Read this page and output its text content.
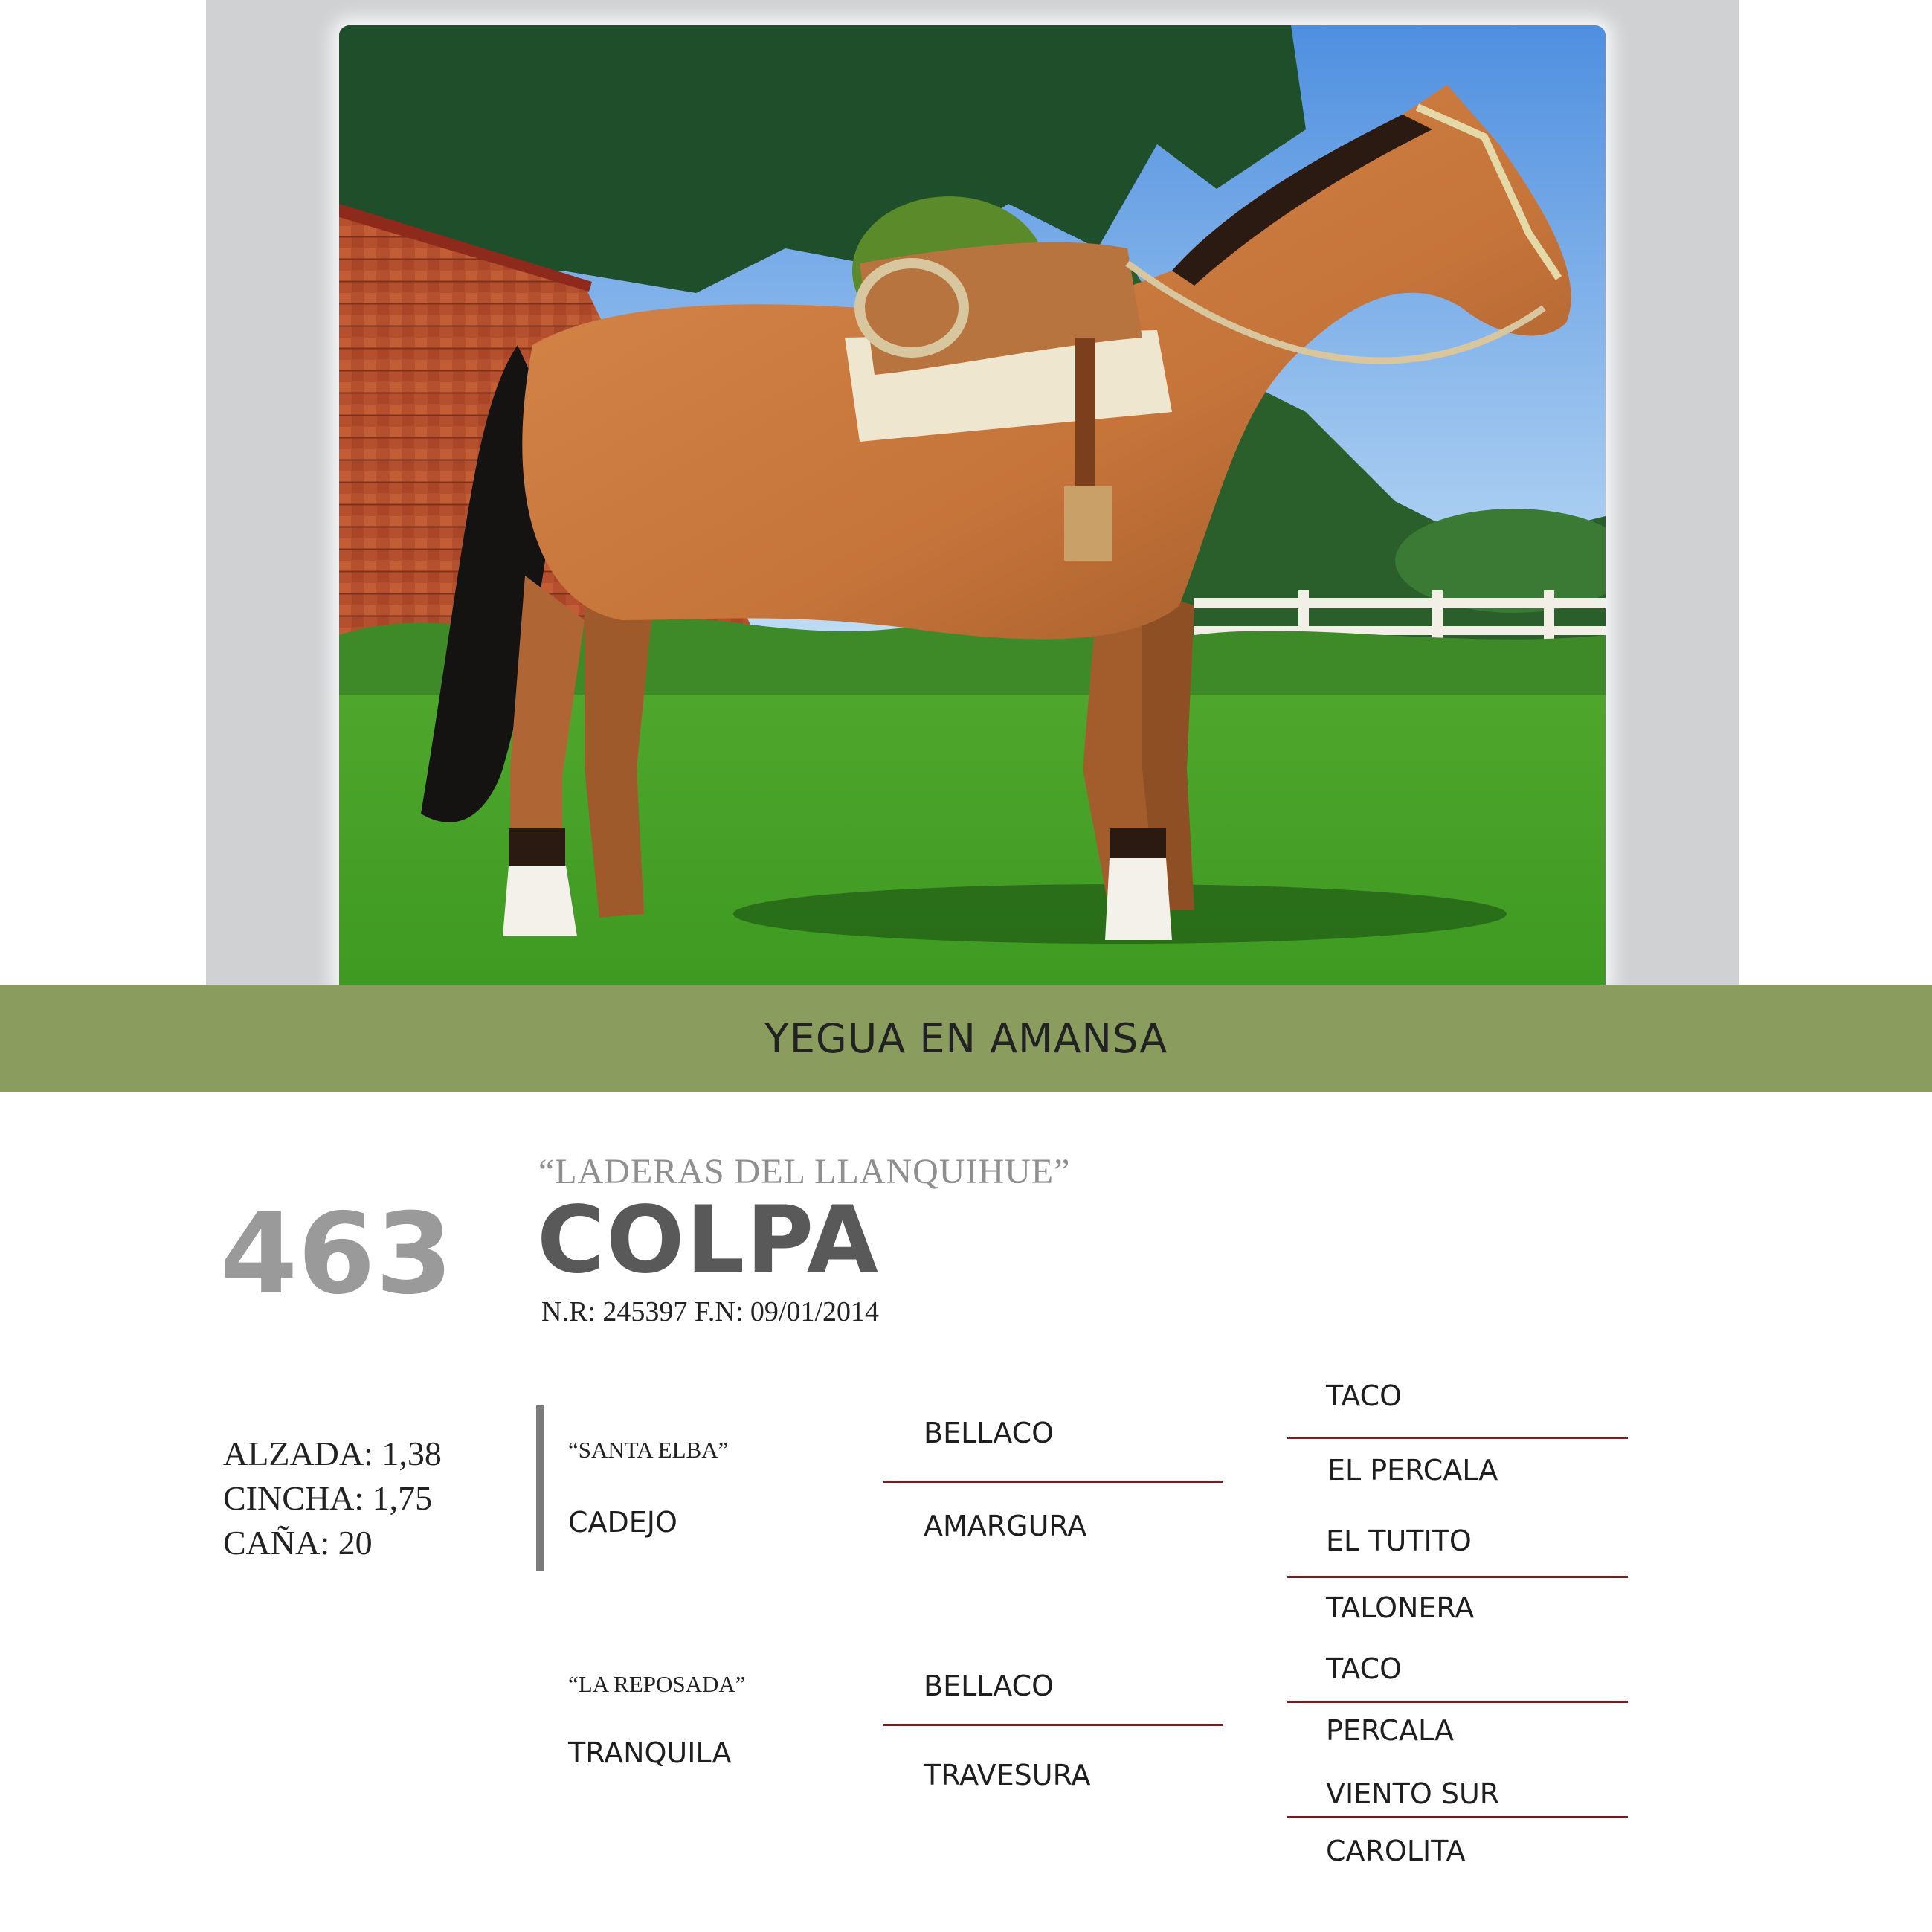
YEGUA EN AMANSA
463
“LADERAS DEL LLANQUIHUE”
COLPA
N.R: 245397 F.N: 09/01/2014
ALZADA: 1,38
CINCHA: 1,75
CAÑA: 20
“SANTA ELBA”
CADEJO
BELLACO
AMARGURA
TACO
EL PERCALA
EL TUTITO
TALONERA
“LA REPOSADA”
TRANQUILA
BELLACO
TRAVESURA
TACO
PERCALA
VIENTO SUR
CAROLITA
